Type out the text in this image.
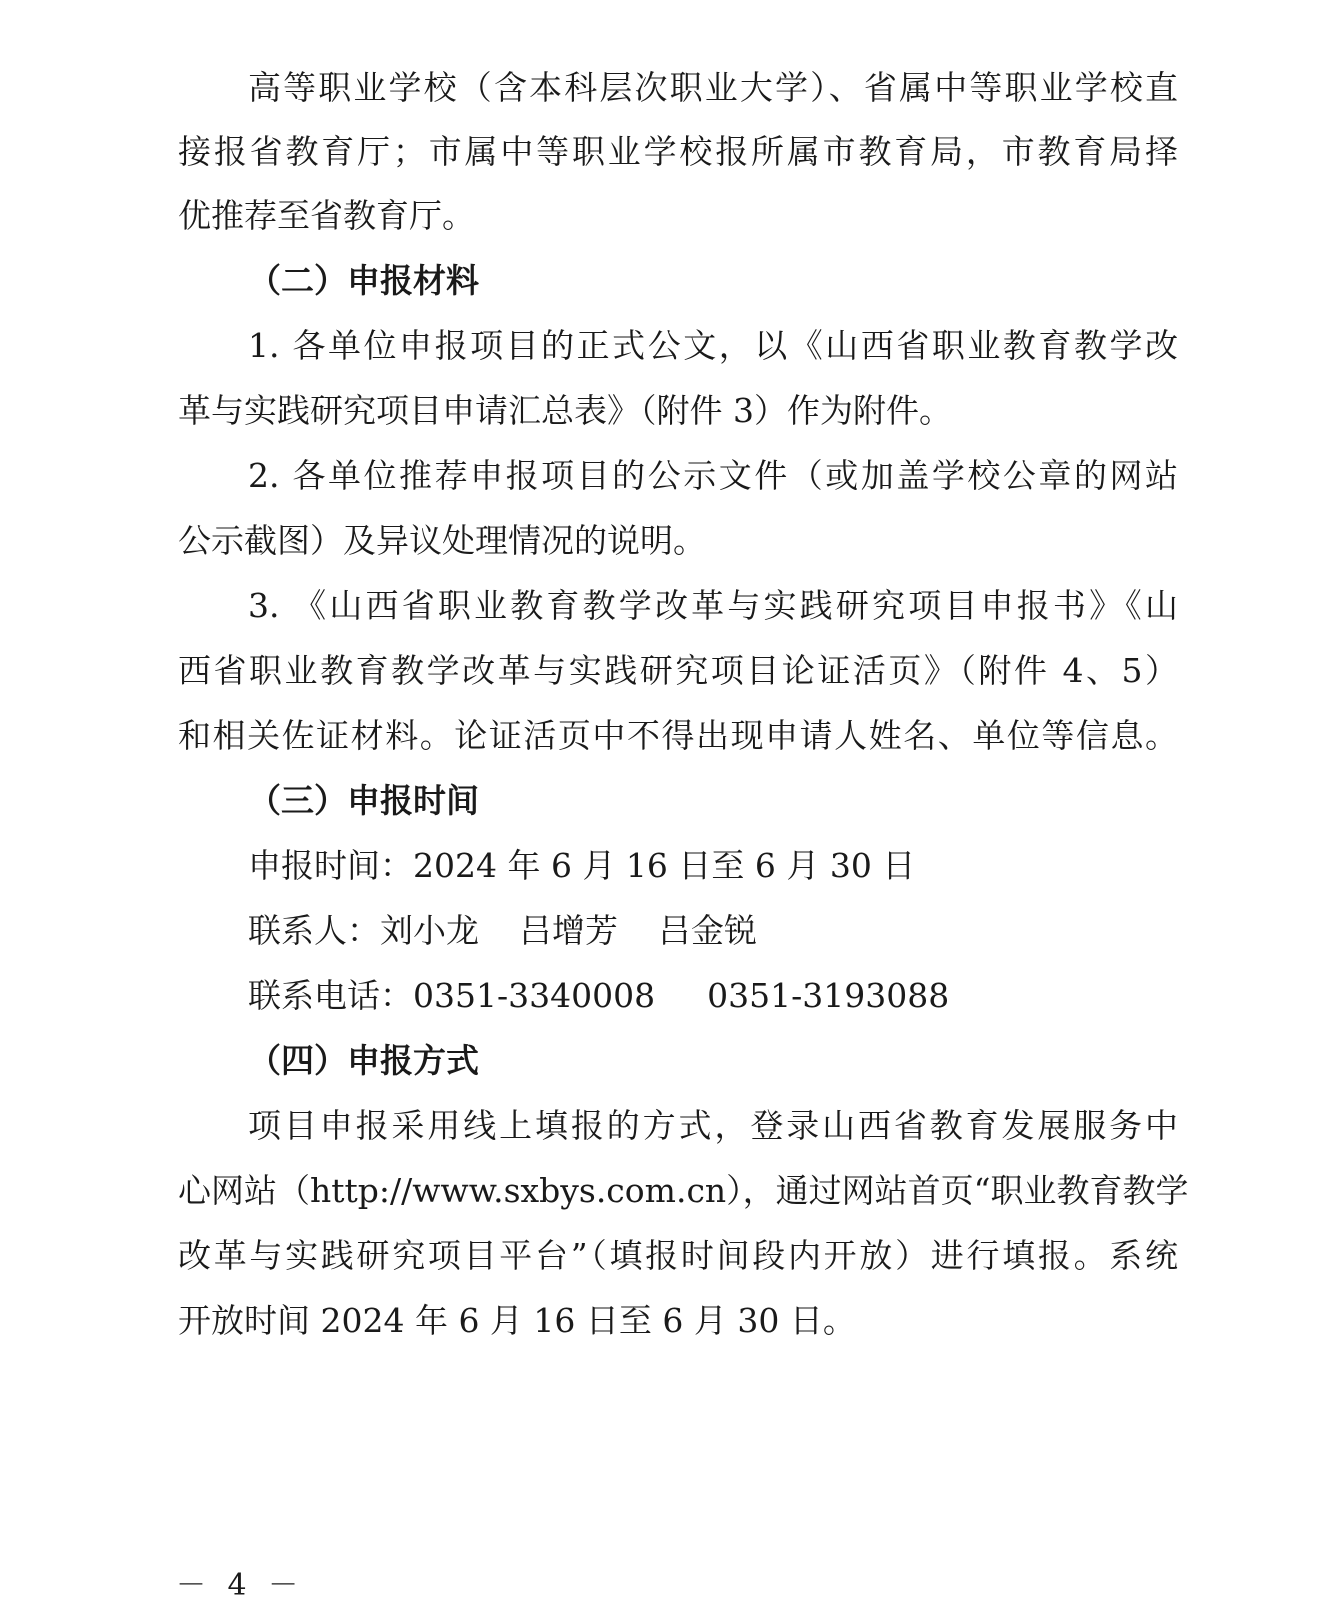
高等职业学校（含本科层次职业大学）、省属中等职业学校直
接报省教育厅；市属中等职业学校报所属市教育局，市教育局择
优推荐至省教育厅。
（二）申报材料
1. 各单位申报项目的正式公文，以《山西省职业教育教学改
革与实践研究项目申请汇总表》（附件 3）作为附件。
2. 各单位推荐申报项目的公示文件（或加盖学校公章的网站
公示截图）及异议处理情况的说明。
3. 《山西省职业教育教学改革与实践研究项目申报书》《山
西省职业教育教学改革与实践研究项目论证活页》（附件 4、5）
和相关佐证材料。论证活页中不得出现申请人姓名、单位等信息。
（三）申报时间
申报时间：2024 年 6 月 16 日至 6 月 30 日
联系人：刘小龙 吕增芳 吕金锐
联系电话：0351-3340008 0351-3193088
（四）申报方式
项目申报采用线上填报的方式，登录山西省教育发展服务中
心网站（http://www.sxbys.com.cn），通过网站首页“职业教育教学
改革与实践研究项目平台”（填报时间段内开放）进行填报。系统
开放时间 2024 年 6 月 16 日至 6 月 30 日。
－ 4 －
